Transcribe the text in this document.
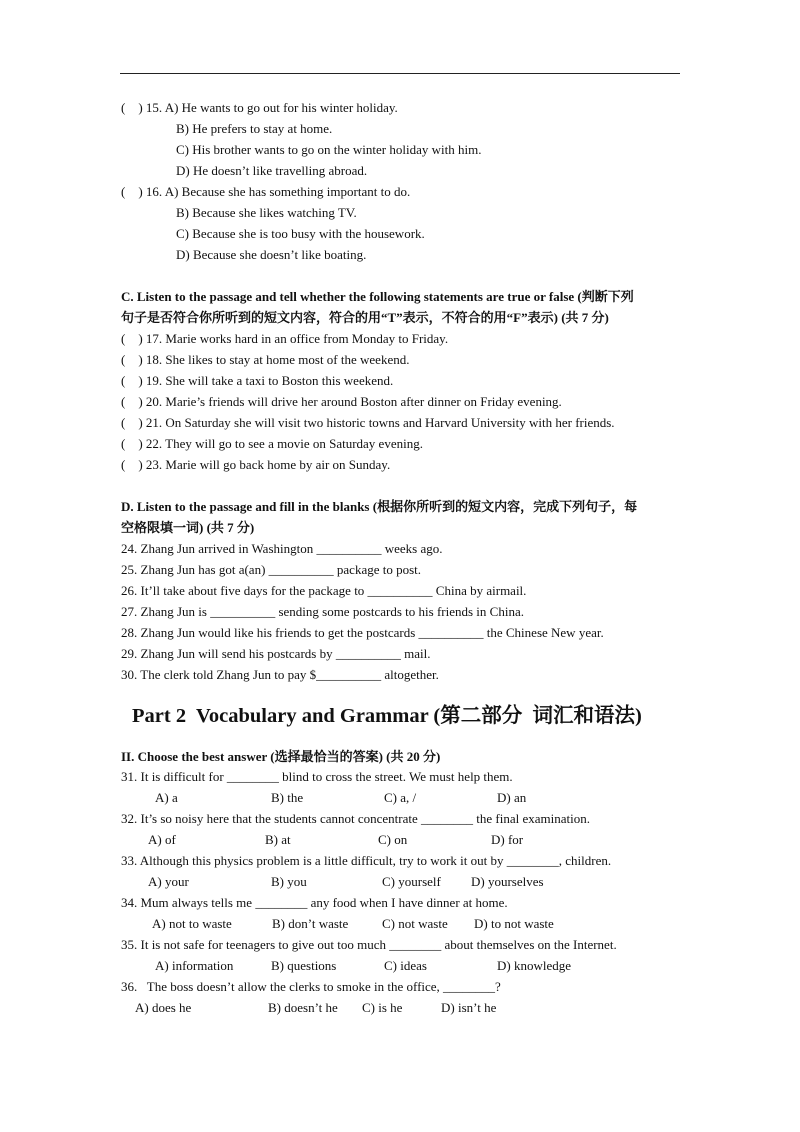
(    ) 15. A) He wants to go out for his winter holiday.
B) He prefers to stay at home.
C) His brother wants to go on the winter holiday with him.
D) He doesn’t like travelling abroad.
(    ) 16. A) Because she has something important to do.
B) Because she likes watching TV.
C) Because she is too busy with the housework.
D) Because she doesn’t like boating.
C. Listen to the passage and tell whether the following statements are true or false (判断下列
句子是否符合你所听到的短文内容，符合的用“T”表示，不符合的用“F”表示) (共 7 分)
(    ) 17. Marie works hard in an office from Monday to Friday.
(    ) 18. She likes to stay at home most of the weekend.
(    ) 19. She will take a taxi to Boston this weekend.
(    ) 20. Marie’s friends will drive her around Boston after dinner on Friday evening.
(    ) 21. On Saturday she will visit two historic towns and Harvard University with her friends.
(    ) 22. They will go to see a movie on Saturday evening.
(    ) 23. Marie will go back home by air on Sunday.
D. Listen to the passage and fill in the blanks (根据你所听到的短文内容，完成下列句子，每
空格限填一词) (共 7 分)
24. Zhang Jun arrived in Washington __________ weeks ago.
25. Zhang Jun has got a(an) __________ package to post.
26. It’ll take about five days for the package to __________ China by airmail.
27. Zhang Jun is __________ sending some postcards to his friends in China.
28. Zhang Jun would like his friends to get the postcards __________ the Chinese New year.
29. Zhang Jun will send his postcards by __________ mail.
30. The clerk told Zhang Jun to pay $__________ altogether.
Part 2  Vocabulary and Grammar (第二部分  词汇和语法)
II. Choose the best answer (选择最恰当的答案) (共 20 分)
31. It is difficult for ________ blind to cross the street. We must help them.
A) a	B) the	C) a, /	D) an
32. It’s so noisy here that the students cannot concentrate ________ the final examination.
A) of	B) at	C) on	D) for
33. Although this physics problem is a little difficult, try to work it out by ________, children.
A) your	B) you	C) yourself D) yourselves
34. Mum always tells me ________ any food when I have dinner at home.
A) not to waste	B) don’t waste	C) not waste D) to not waste
35. It is not safe for teenagers to give out too much ________ about themselves on the Internet.
A) information	B) questions	C) ideas	D) knowledge
36.   The boss doesn’t allow the clerks to smoke in the office, ________?
A) does he	B) doesn’t he C) is he	D) isn’t he
